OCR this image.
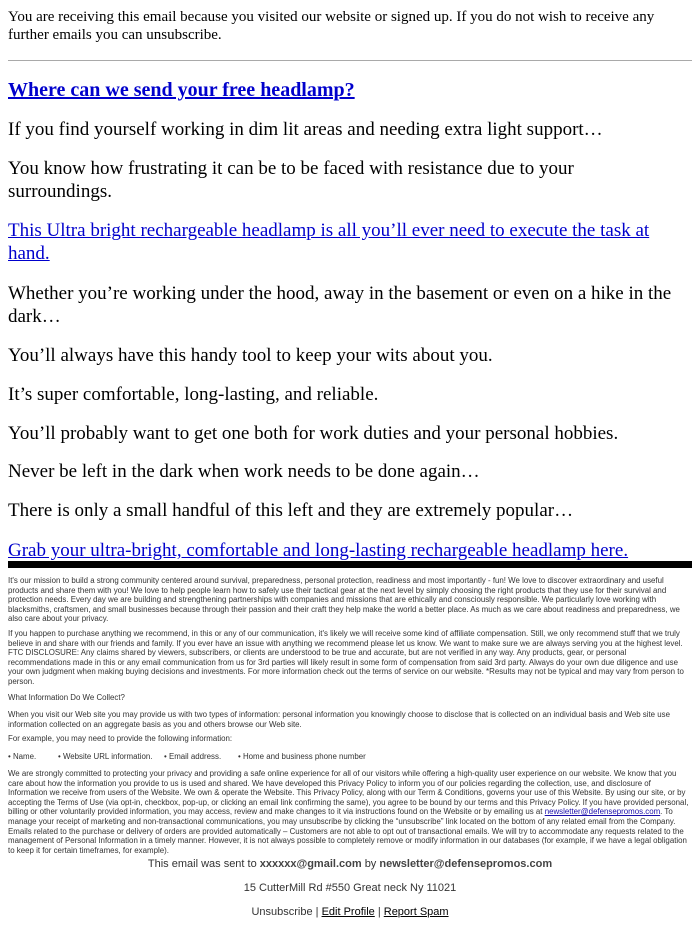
You are receiving this email because you visited our website or signed up. If you do not wish to receive any further emails you can unsubscribe.
Where can we send your free headlamp?

If you find yourself working in dim lit areas and needing extra light support…

You know how frustrating it can be to be faced with resistance due to your surroundings.

This Ultra bright rechargeable headlamp is all you’ll ever need to execute the task at hand.

Whether you’re working under the hood, away in the basement or even on a hike in the dark…

You’ll always have this handy tool to keep your wits about you.

It’s super comfortable, long-lasting, and reliable.

You’ll probably want to get one both for work duties and your personal hobbies.

Never be left in the dark when work needs to be done again…

There is only a small handful of this left and they are extremely popular…

Grab your ultra-bright, comfortable and long-lasting rechargeable headlamp here.

It's our mission to build a strong community centered around survival, preparedness, personal protection, readiness and most importantly - fun! We love to discover extraordinary and useful products and share them with you! We love to help people learn how to safely use their tactical gear at the next level by simply choosing the right products that they use for their survival and protection needs. Every day we are building and strengthening partnerships with companies and missions that are ethically and consciously responsible. We particularly love working with blacksmiths, craftsmen, and small businesses because through their passion and their craft they help make the world a better place. As much as we care about readiness and preparedness, we also care about your privacy.

If you happen to purchase anything we recommend, in this or any of our communication, it's likely we will receive some kind of affiliate compensation. Still, we only recommend stuff that we truly believe in and share with our friends and family. If you ever have an issue with anything we recommend please let us know. We want to make sure we are always serving you at the highest level. FTC DISCLOSURE: Any claims shared by viewers, subscribers, or clients are understood to be true and accurate, but are not verified in any way. Any products, gear, or personal recommendations made in this or any email communication from us for 3rd parties will likely result in some form of compensation from said 3rd party. Always do your own due diligence and use your own judgment when making buying decisions and investments. For more information check out the terms of service on our website. *Results may not be typical and may vary from person to person.

What Information Do We Collect?

When you visit our Web site you may provide us with two types of information: personal information you knowingly choose to disclose that is collected on an individual basis and Web site use information collected on an aggregate basis as you and others browse our Web site.

For example, you may need to provide the following information:

• Name.	• Website URL information. • Email address. • Home and business phone number

We are strongly committed to protecting your privacy and providing a safe online experience for all of our visitors while offering a high-quality user experience on our website. We know that you care about how the information you provide to us is used and shared. We have developed this Privacy Policy to inform you of our policies regarding the collection, use, and disclosure of Information we receive from users of the Website. We own & operate the Website. This Privacy Policy, along with our Term & Conditions, governs your use of this Website. By using our site, or by accepting the Terms of Use (via opt-in, checkbox, pop-up, or clicking an email link confirming the same), you agree to be bound by our terms and this Privacy Policy. If you have provided personal, billing or other voluntarily provided information, you may access, review and make changes to it via instructions found on the Website or by emailing us at newsletter@defensepromos.com. To manage your receipt of marketing and non-transactional communications, you may unsubscribe by clicking the “unsubscribe” link located on the bottom of any related email from the Company. Emails related to the purchase or delivery of orders are provided automatically – Customers are not able to opt out of transactional emails. We will try to accommodate any requests related to the management of Personal Information in a timely manner. However, it is not always possible to completely remove or modify information in our databases (for example, if we have a legal obligation to keep it for certain timeframes, for example).

This email was sent to xxxxxx@gmail.com by newsletter@defensepromos.com
15 CutterMill Rd #550 Great neck Ny 11021
Unsubscribe | Edit Profile | Report Spam
